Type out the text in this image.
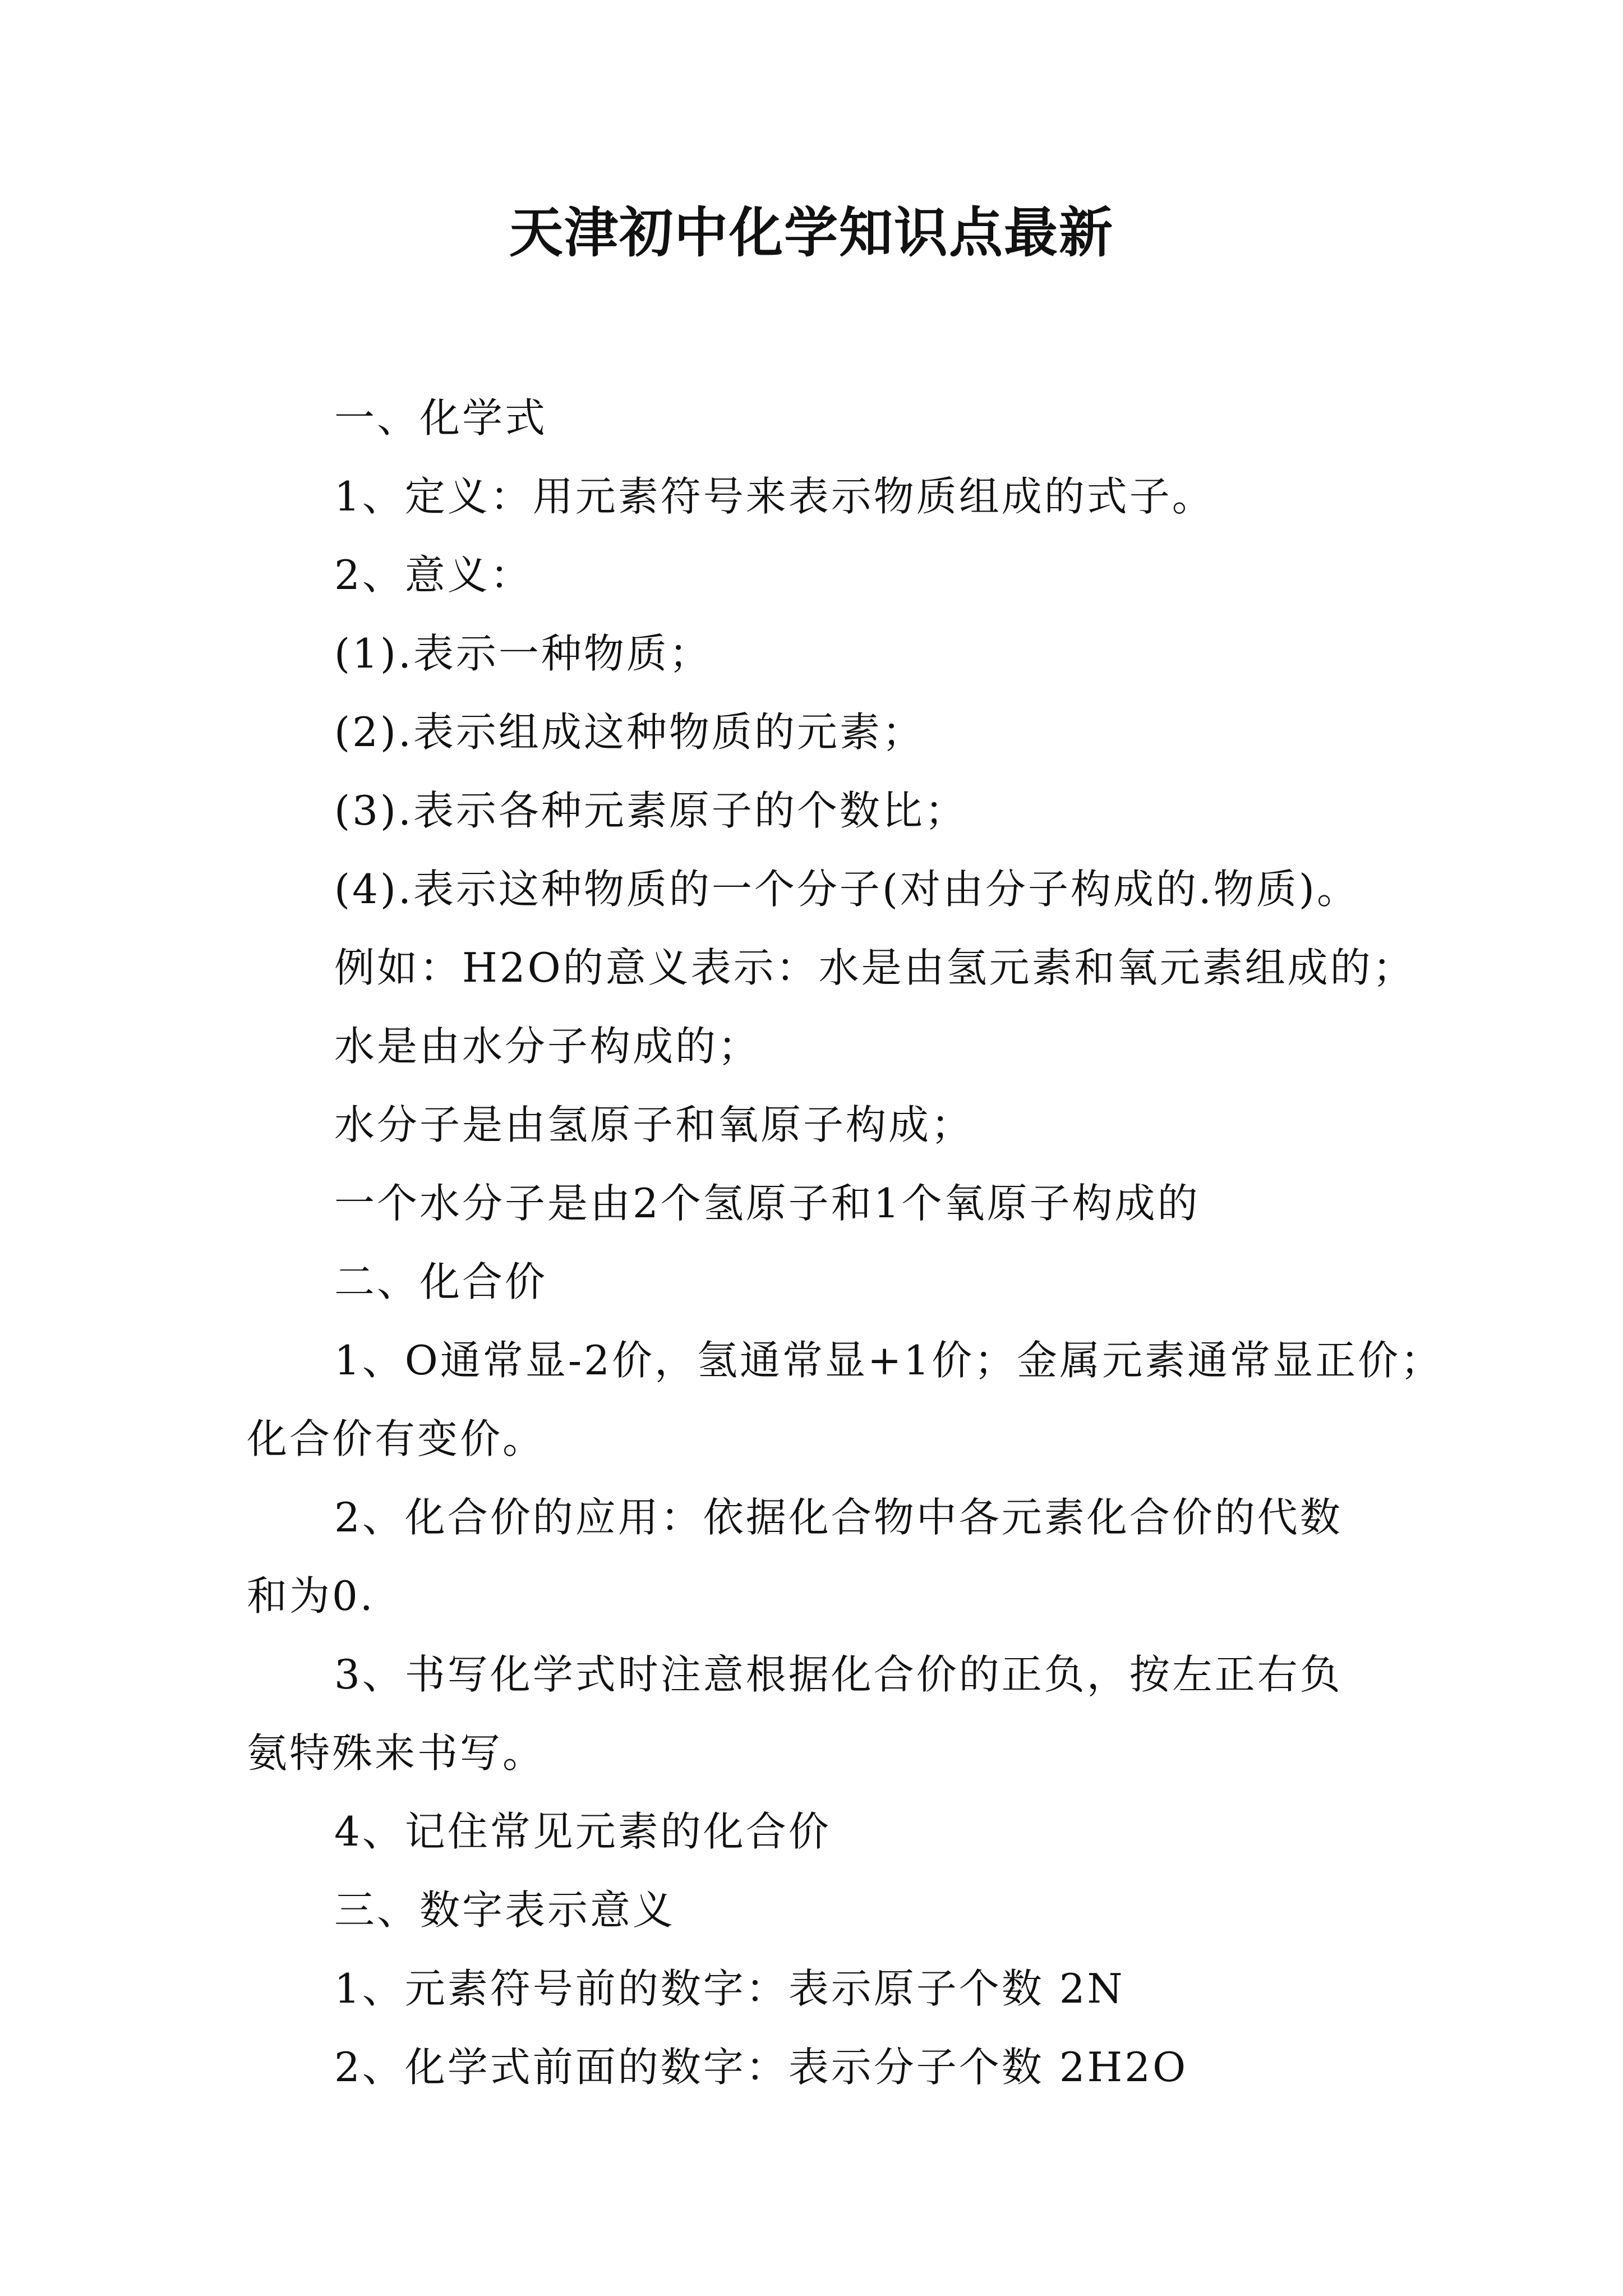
天津初中化学知识点最新
一、化学式
1、定义：用元素符号来表示物质组成的式子。
2、意义：
(1).表示一种物质；
(2).表示组成这种物质的元素；
(3).表示各种元素原子的个数比；
(4).表示这种物质的一个分子(对由分子构成的.物质)。
例如：H2O的意义表示：水是由氢元素和氧元素组成的；
水是由水分子构成的；
水分子是由氢原子和氧原子构成；
一个水分子是由2个氢原子和1个氧原子构成的
二、化合价
1、O通常显-2价，氢通常显+1价；金属元素通常显正价；
化合价有变价。
2、化合价的应用：依据化合物中各元素化合价的代数
和为0.
3、书写化学式时注意根据化合价的正负，按左正右负
氨特殊来书写。
4、记住常见元素的化合价
三、数字表示意义
1、元素符号前的数字：表示原子个数 2N
2、化学式前面的数字：表示分子个数 2H2O
